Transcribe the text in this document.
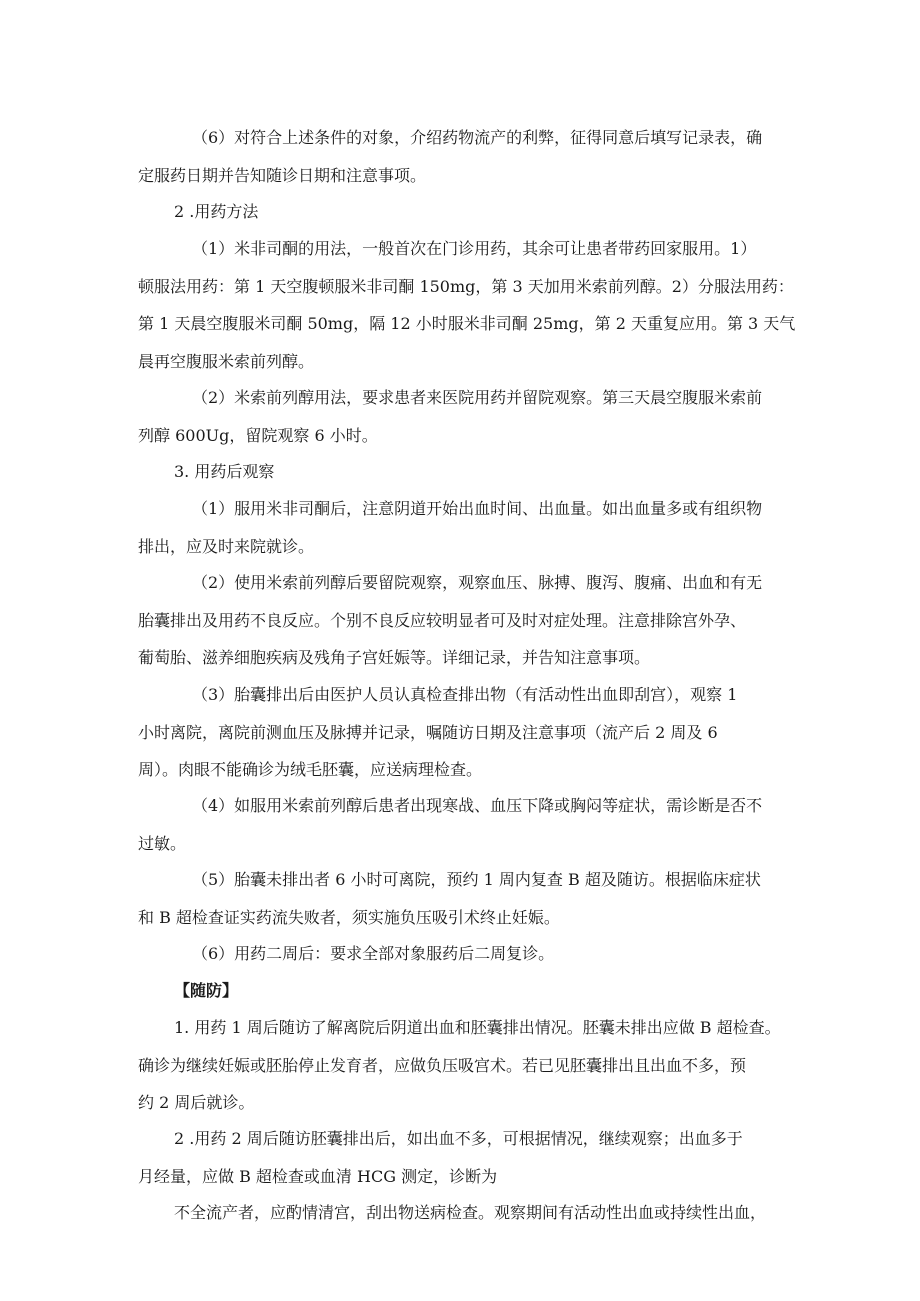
（6）对符合上述条件的对象，介绍药物流产的利弊，征得同意后填写记录表，确
定服药日期并告知随诊日期和注意事项。
2 .用药方法
（1）米非司酮的用法，一般首次在门诊用药，其余可让患者带药回家服用。1）
顿服法用药：第 1 天空腹顿服米非司酮 150mg，第 3 天加用米索前列醇。2）分服法用药：
第 1 天晨空腹服米司酮 50mg，隔 12 小时服米非司酮 25mg，第 2 天重复应用。第 3 天气
晨再空腹服米索前列醇。
（2）米索前列醇用法，要求患者来医院用药并留院观察。第三天晨空腹服米索前
列醇 600Ug，留院观察 6 小时。
3. 用药后观察
（1）服用米非司酮后，注意阴道开始出血时间、出血量。如出血量多或有组织物
排出，应及时来院就诊。
（2）使用米索前列醇后要留院观察，观察血压、脉搏、腹泻、腹痛、出血和有无
胎囊排出及用药不良反应。个别不良反应较明显者可及时对症处理。注意排除宫外孕、
葡萄胎、滋养细胞疾病及残角子宫妊娠等。详细记录，并告知注意事项。
（3）胎囊排出后由医护人员认真检查排出物（有活动性出血即刮宫），观察 1
小时离院，离院前测血压及脉搏并记录，嘱随访日期及注意事项（流产后 2 周及 6
周）。肉眼不能确诊为绒毛胚囊，应送病理检查。
（4）如服用米索前列醇后患者出现寒战、血压下降或胸闷等症状，需诊断是否不
过敏。
（5）胎囊未排出者 6 小时可离院，预约 1 周内复查 B 超及随访。根据临床症状
和 B 超检查证实药流失败者，须实施负压吸引术终止妊娠。
（6）用药二周后：要求全部对象服药后二周复诊。
【随防】
1. 用药 1 周后随访了解离院后阴道出血和胚囊排出情况。胚囊未排出应做 B 超检查。
确诊为继续妊娠或胚胎停止发育者，应做负压吸宫术。若已见胚囊排出且出血不多，预
约 2 周后就诊。
2 .用药 2 周后随访胚囊排出后，如出血不多，可根据情况，继续观察；出血多于
月经量，应做 B 超检查或血清 HCG 测定，诊断为
不全流产者，应酌情清宫，刮出物送病检查。观察期间有活动性出血或持续性出血，
